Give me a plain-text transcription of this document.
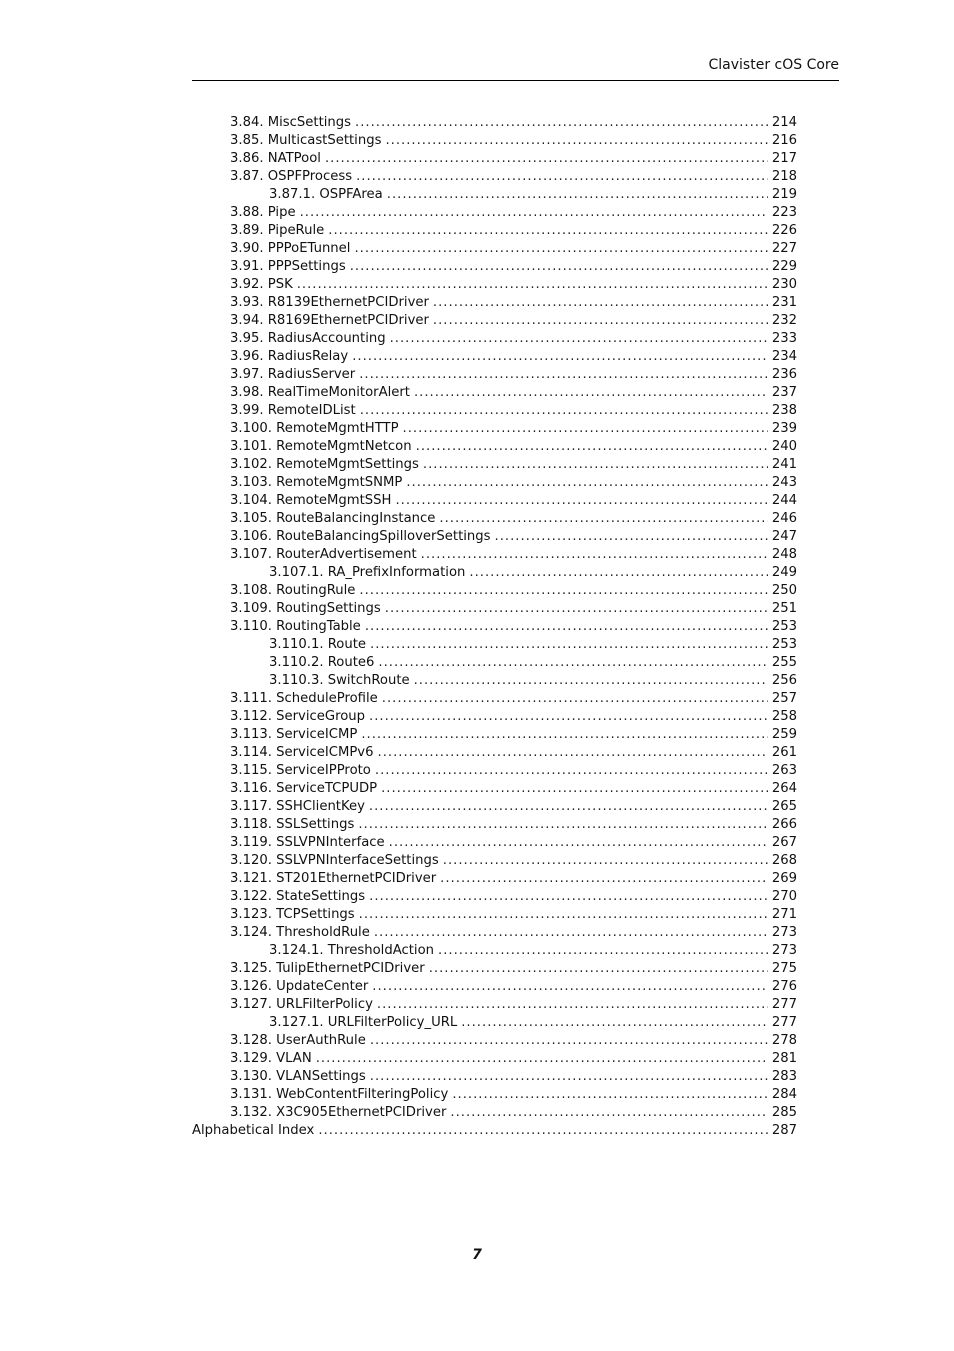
Clavister cOS Core
3.84. MiscSettings .....	214
3.85. MulticastSettings .....	216
3.86. NATPool .....	217
3.87. OSPFProcess .....	218
3.87.1. OSPFArea .....	219
3.88. Pipe .....	223
3.89. PipeRule .....	226
3.90. PPPoETunnel .....	227
3.91. PPPSettings .....	229
3.92. PSK .....	230
3.93. R8139EthernetPCIDriver .....	231
3.94. R8169EthernetPCIDriver .....	232
3.95. RadiusAccounting .....	233
3.96. RadiusRelay .....	234
3.97. RadiusServer .....	236
3.98. RealTimeMonitorAlert .....	237
3.99. RemoteIDList .....	238
3.100. RemoteMgmtHTTP .....	239
3.101. RemoteMgmtNetcon .....	240
3.102. RemoteMgmtSettings .....	241
3.103. RemoteMgmtSNMP .....	243
3.104. RemoteMgmtSSH .....	244
3.105. RouteBalancingInstance .....	246
3.106. RouteBalancingSpilloverSettings .....	247
3.107. RouterAdvertisement .....	248
3.107.1. RA_PrefixInformation .....	249
3.108. RoutingRule .....	250
3.109. RoutingSettings .....	251
3.110. RoutingTable .....	253
3.110.1. Route .....	253
3.110.2. Route6 .....	255
3.110.3. SwitchRoute .....	256
3.111. ScheduleProfile .....	257
3.112. ServiceGroup .....	258
3.113. ServiceICMP .....	259
3.114. ServiceICMPv6 .....	261
3.115. ServiceIPProto .....	263
3.116. ServiceTCPUDP .....	264
3.117. SSHClientKey .....	265
3.118. SSLSettings .....	266
3.119. SSLVPNInterface .....	267
3.120. SSLVPNInterfaceSettings .....	268
3.121. ST201EthernetPCIDriver .....	269
3.122. StateSettings .....	270
3.123. TCPSettings .....	271
3.124. ThresholdRule .....	273
3.124.1. ThresholdAction .....	273
3.125. TulipEthernetPCIDriver .....	275
3.126. UpdateCenter .....	276
3.127. URLFilterPolicy .....	277
3.127.1. URLFilterPolicy_URL .....	277
3.128. UserAuthRule .....	278
3.129. VLAN .....	281
3.130. VLANSettings .....	283
3.131. WebContentFilteringPolicy .....	284
3.132. X3C905EthernetPCIDriver .....	285
Alphabetical Index .....	287
7
